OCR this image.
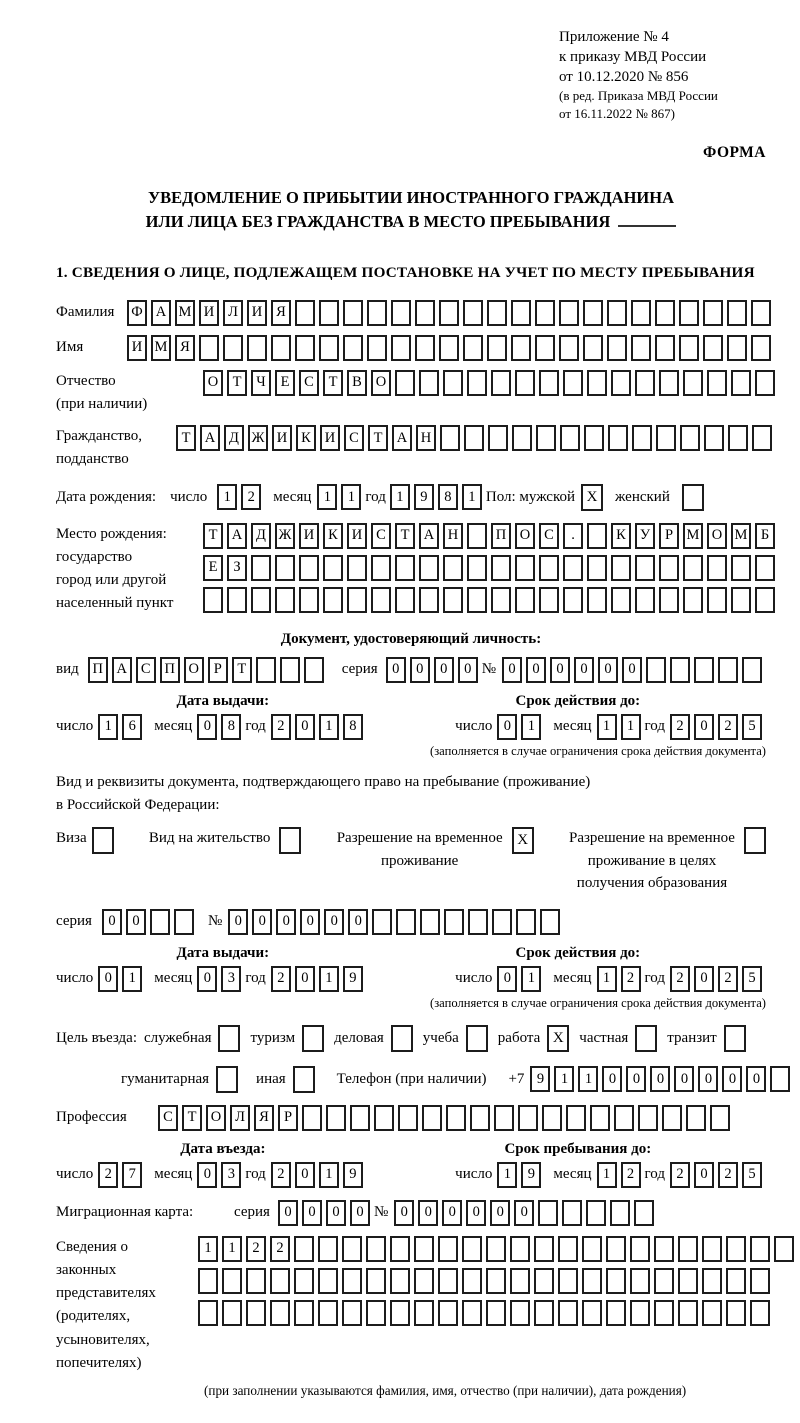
Приложение № 4
к приказу МВД России
от 10.12.2020 № 856
(в ред. Приказа МВД России
от 16.11.2022 № 867)
ФОРМА
УВЕДОМЛЕНИЕ О ПРИБЫТИИ ИНОСТРАННОГО ГРАЖДАНИНА
ИЛИ ЛИЦА БЕЗ ГРАЖДАНСТВА В МЕСТО ПРЕБЫВАНИЯ
1. СВЕДЕНИЯ О ЛИЦЕ, ПОДЛЕЖАЩЕМ ПОСТАНОВКЕ НА УЧЕТ ПО МЕСТУ ПРЕБЫВАНИЯ
Фамилия	Ф А М И Л И Я
Имя	И М Я
Отчество
(при наличии)
О Т	Ч	Е	С	Т	В О
Гражданство,
подданство
Т А Д Ж И К И С	Т А Н
Дата рождения: число	1	2	месяц 1	1 год 1	9	8	1 Пол: мужской X	женский
Место рождения:
государство
город или другой
населенный пункт
Т А Д Ж И К И С	Т А Н	П О С	.	К У	Р М О М Б
Е	З
Документ, удостоверяющий личность:
вид П А С П О	Р	Т	серия 0	0	0	0 № 0	0	0	0	0	0
Дата выдачи:
число 1	6	месяц 0	8 год 2	0	1	8
Срок действия до:
число 0	1	месяц 1	1 год 2	0	2	5
(заполняется в случае ограничения срока действия документа)
Вид и реквизиты документа, подтверждающего право на пребывание (проживание)
в Российской Федерации:
Виза	Вид на жительство	Разрешение на временное
проживание
X	Разрешение на временное
проживание в целях
получения образования
серия	0	0	№ 0	0	0	0	0	0
Дата выдачи:
число 0	1	месяц 0	3 год 2	0	1	9
Срок действия до:
число 0	1	месяц 1	2 год 2	0	2	5
(заполняется в случае ограничения срока действия документа)
Цель въезда: служебная	туризм	деловая	учеба	работа X	частная	транзит
гуманитарная	иная	Телефон (при наличии) +7 9	1	1	0	0	0	0	0	0	0
Профессия	С	Т О Л Я	Р
Дата въезда:
число 2	7	месяц 0	3 год 2	0	1	9
Срок пребывания до:
число 1	9	месяц 1	2 год 2	0	2	5
Миграционная карта:	серия 0	0	0	0 № 0	0	0	0	0	0
Сведения о
законных
представителях
(родителях,
усыновителях,
попечителях)
1	1	2	2
(при заполнении указываются фамилия, имя, отчество (при наличии), дата рождения)
